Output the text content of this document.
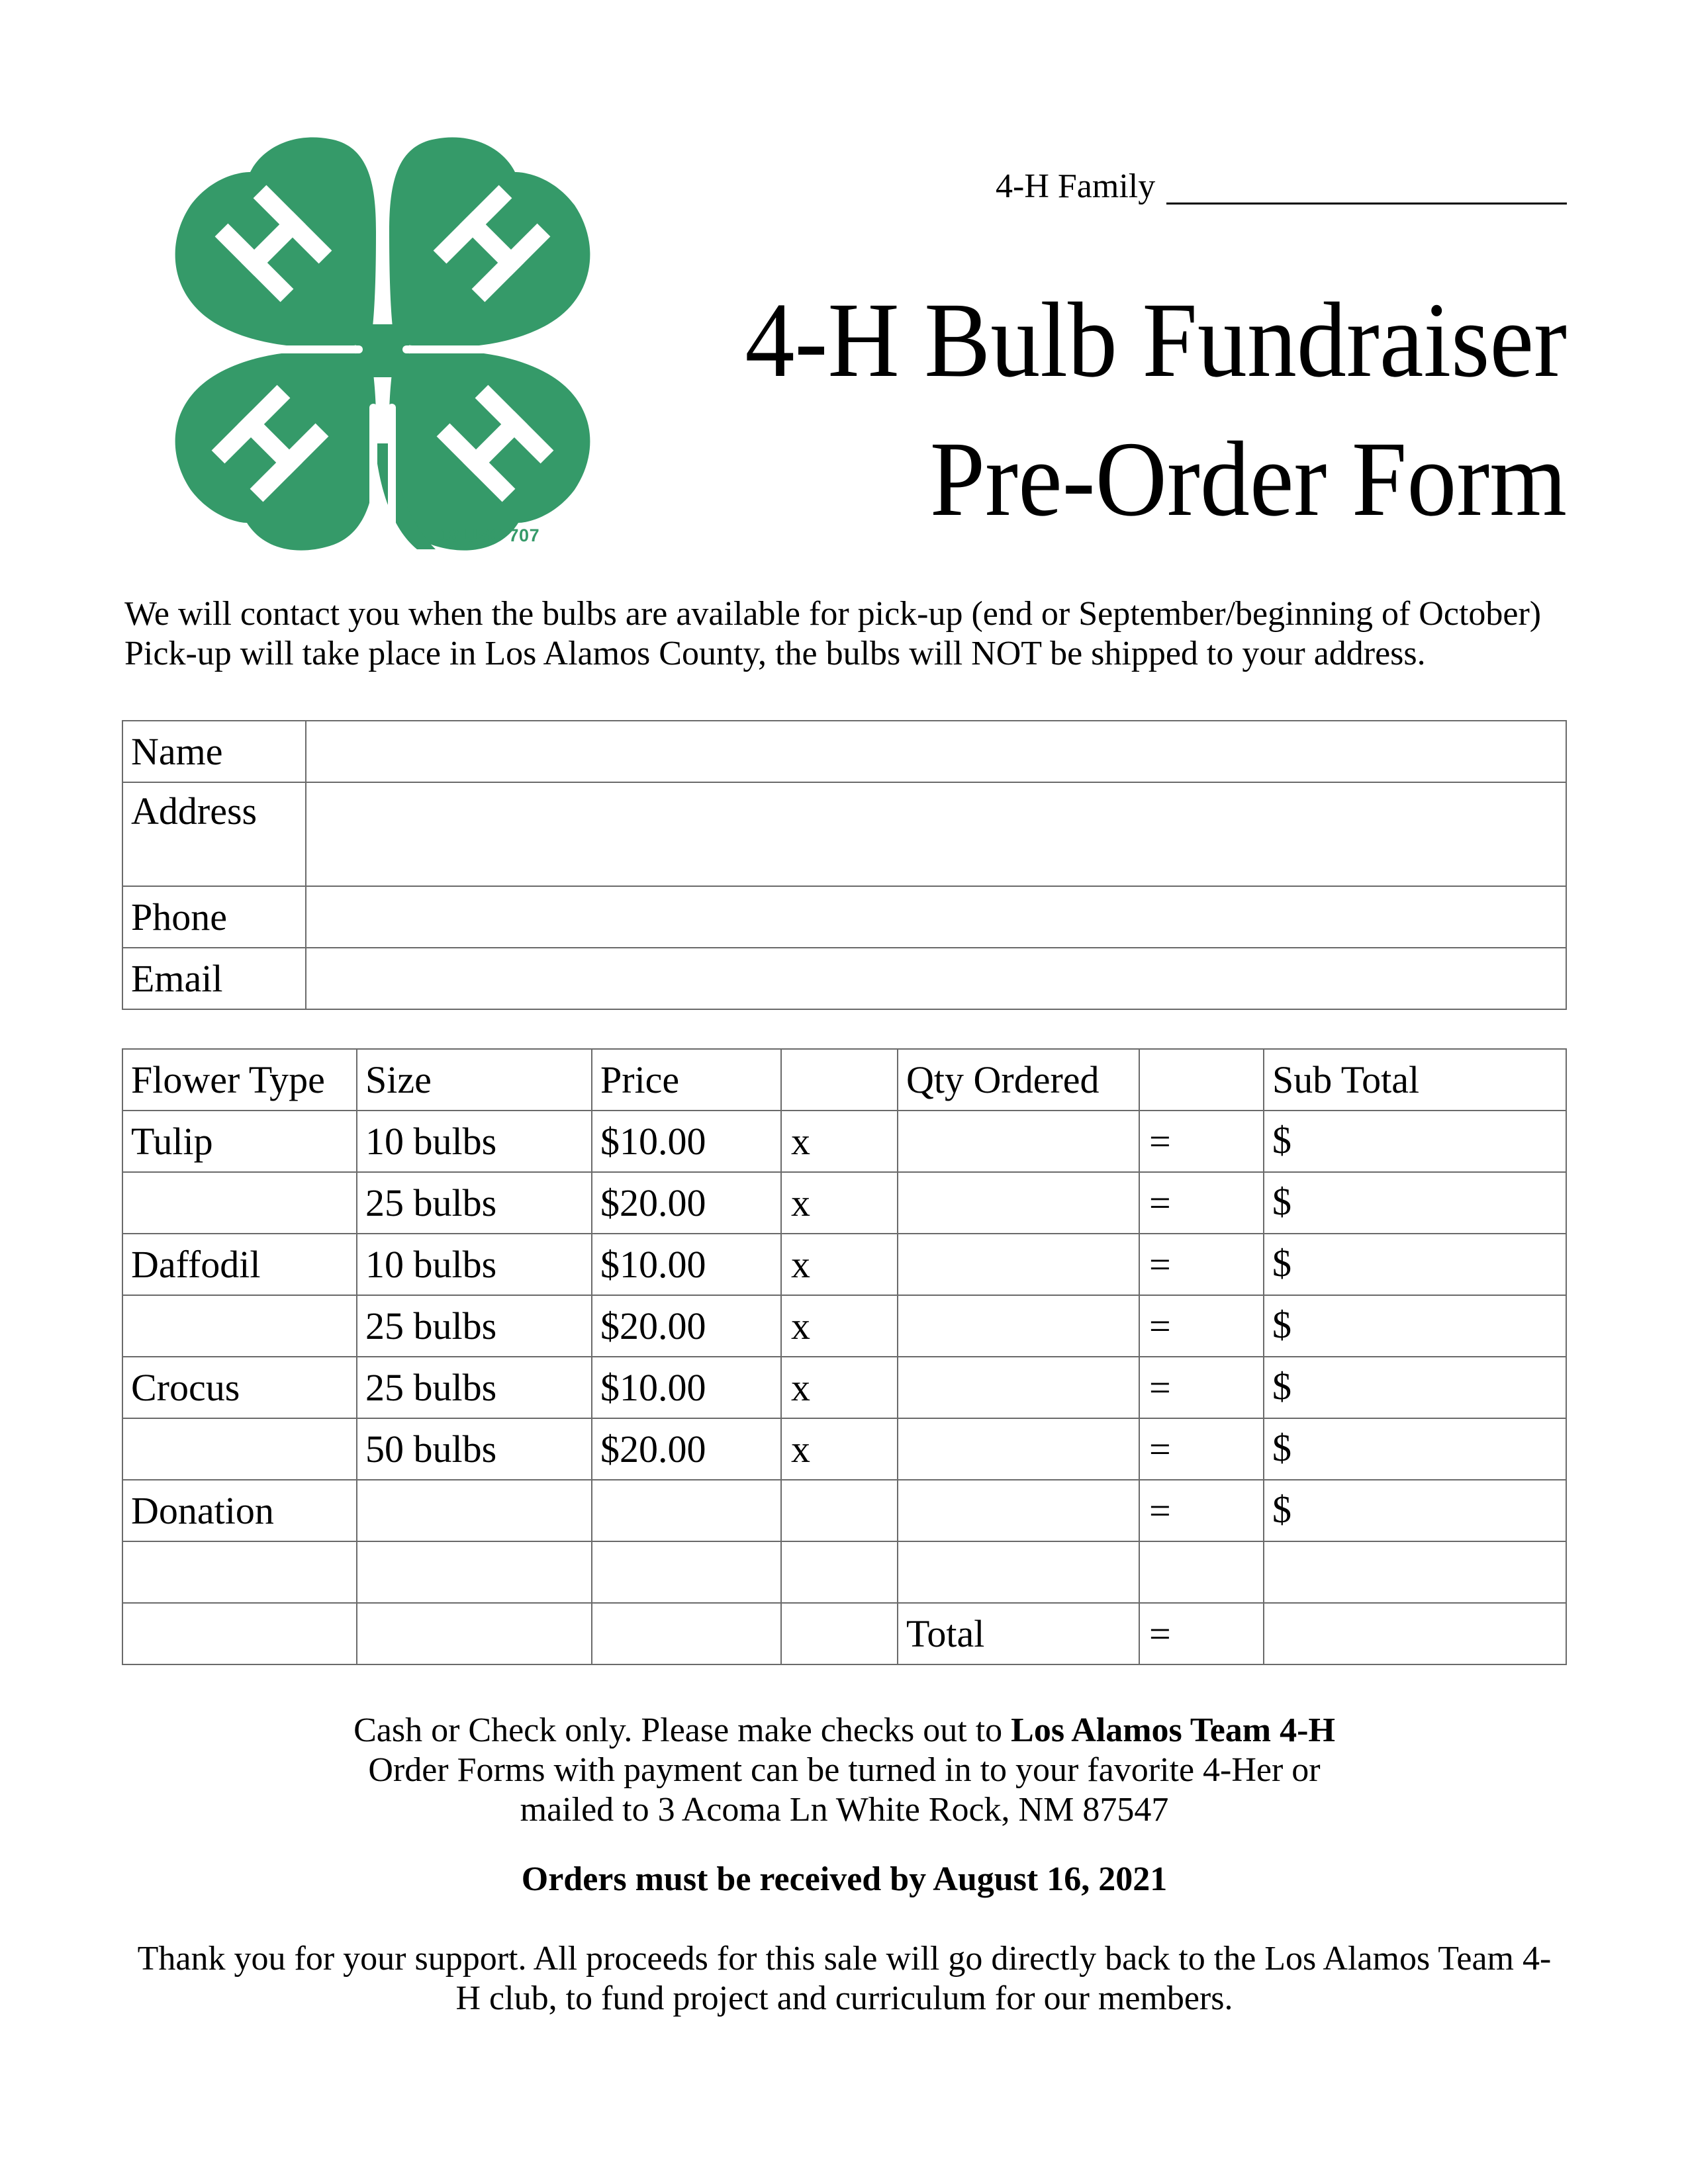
18 USC 707
4-H Family
4-H Bulb Fundraiser
Pre-Order Form
We will contact you when the bulbs are available for pick-up (end or September/beginning of October)
Pick-up will take place in Los Alamos County, the bulbs will NOT be shipped to your address.
Name	
Address	

Phone	
Email	
Flower Type	Size	Price		Qty Ordered		Sub Total
Tulip	10 bulbs	$10.00	x		=	$
	25 bulbs	$20.00	x		=	$
Daffodil	10 bulbs	$10.00	x		=	$
	25 bulbs	$20.00	x		=	$
Crocus	25 bulbs	$10.00	x		=	$
	50 bulbs	$20.00	x		=	$
Donation					=	$

				Total	=	
Cash or Check only. Please make checks out to Los Alamos Team 4-H
Order Forms with payment can be turned in to your favorite 4-Her or
mailed to 3 Acoma Ln White Rock, NM 87547
Orders must be received by August 16, 2021
Thank you for your support. All proceeds for this sale will go directly back to the Los Alamos Team 4-
H club, to fund project and curriculum for our members.
